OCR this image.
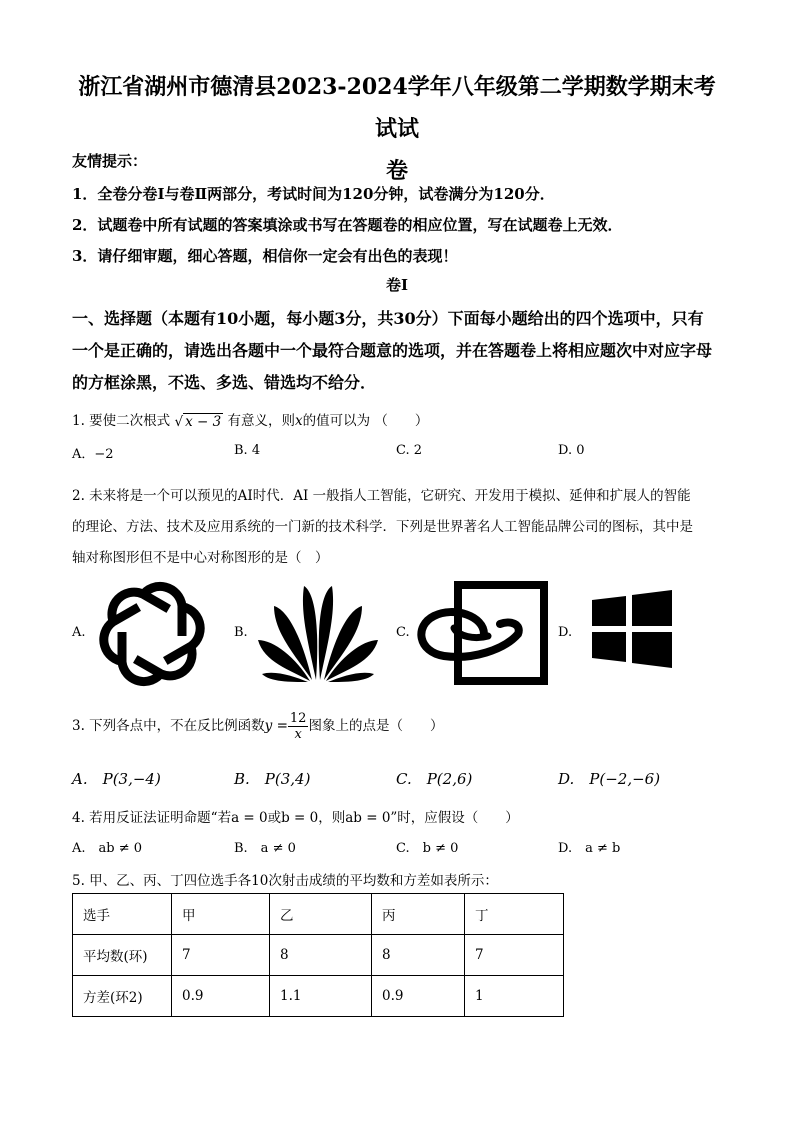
浙江省湖州市德清县2023-2024学年八年级第二学期数学期末考试试
卷
友情提示：
1．全卷分卷Ⅰ与卷Ⅱ两部分，考试时间为120分钟，试卷满分为120分．
2．试题卷中所有试题的答案填涂或书写在答题卷的相应位置，写在试题卷上无效．
3．请仔细审题，细心答题，相信你一定会有出色的表现！
卷Ⅰ
一、选择题（本题有10小题，每小题3分，共30分）下面每小题给出的四个选项中，只有
一个是正确的，请选出各题中一个最符合题意的选项，并在答题卷上将相应题次中对应字母
的方框涂黑，不选、多选、错选均不给分．
1. 要使二次根式 √ x − 3 有意义，则x的值可以为 （　　）
A．−2	B. 4	C. 2	D. 0
2. 未来将是一个可以预见的AI时代．AI 一般指人工智能，它研究、开发用于模拟、延伸和扩展人的智能
的理论、方法、技术及应用系统的一门新的技术科学．下列是世界著名人工智能品牌公司的图标，其中是
轴对称图形但不是中心对称图形的是（　）
A.	B.	C.	D.
3. 下列各点中，不在反比例函数$y = \frac{12}{x}$ 图象上的点是（　　）
A.　P(3,−4)	B.　P(3,4)	C.　P(2,6)	D.　P(−2,−6)
4. 若用反证法证明命题“若a = 0或b = 0，则ab = 0”时，应假设（　　）
A.　ab ≠ 0	B.　a ≠ 0	C.　b ≠ 0	D.　a ≠ b
5. 甲、乙、丙、丁四位选手各10次射击成绩的平均数和方差如表所示：
选手	甲	乙	丙	丁
平均数(环)	7	8	8	7
方差(环2)	0.9	1.1	0.9	1
